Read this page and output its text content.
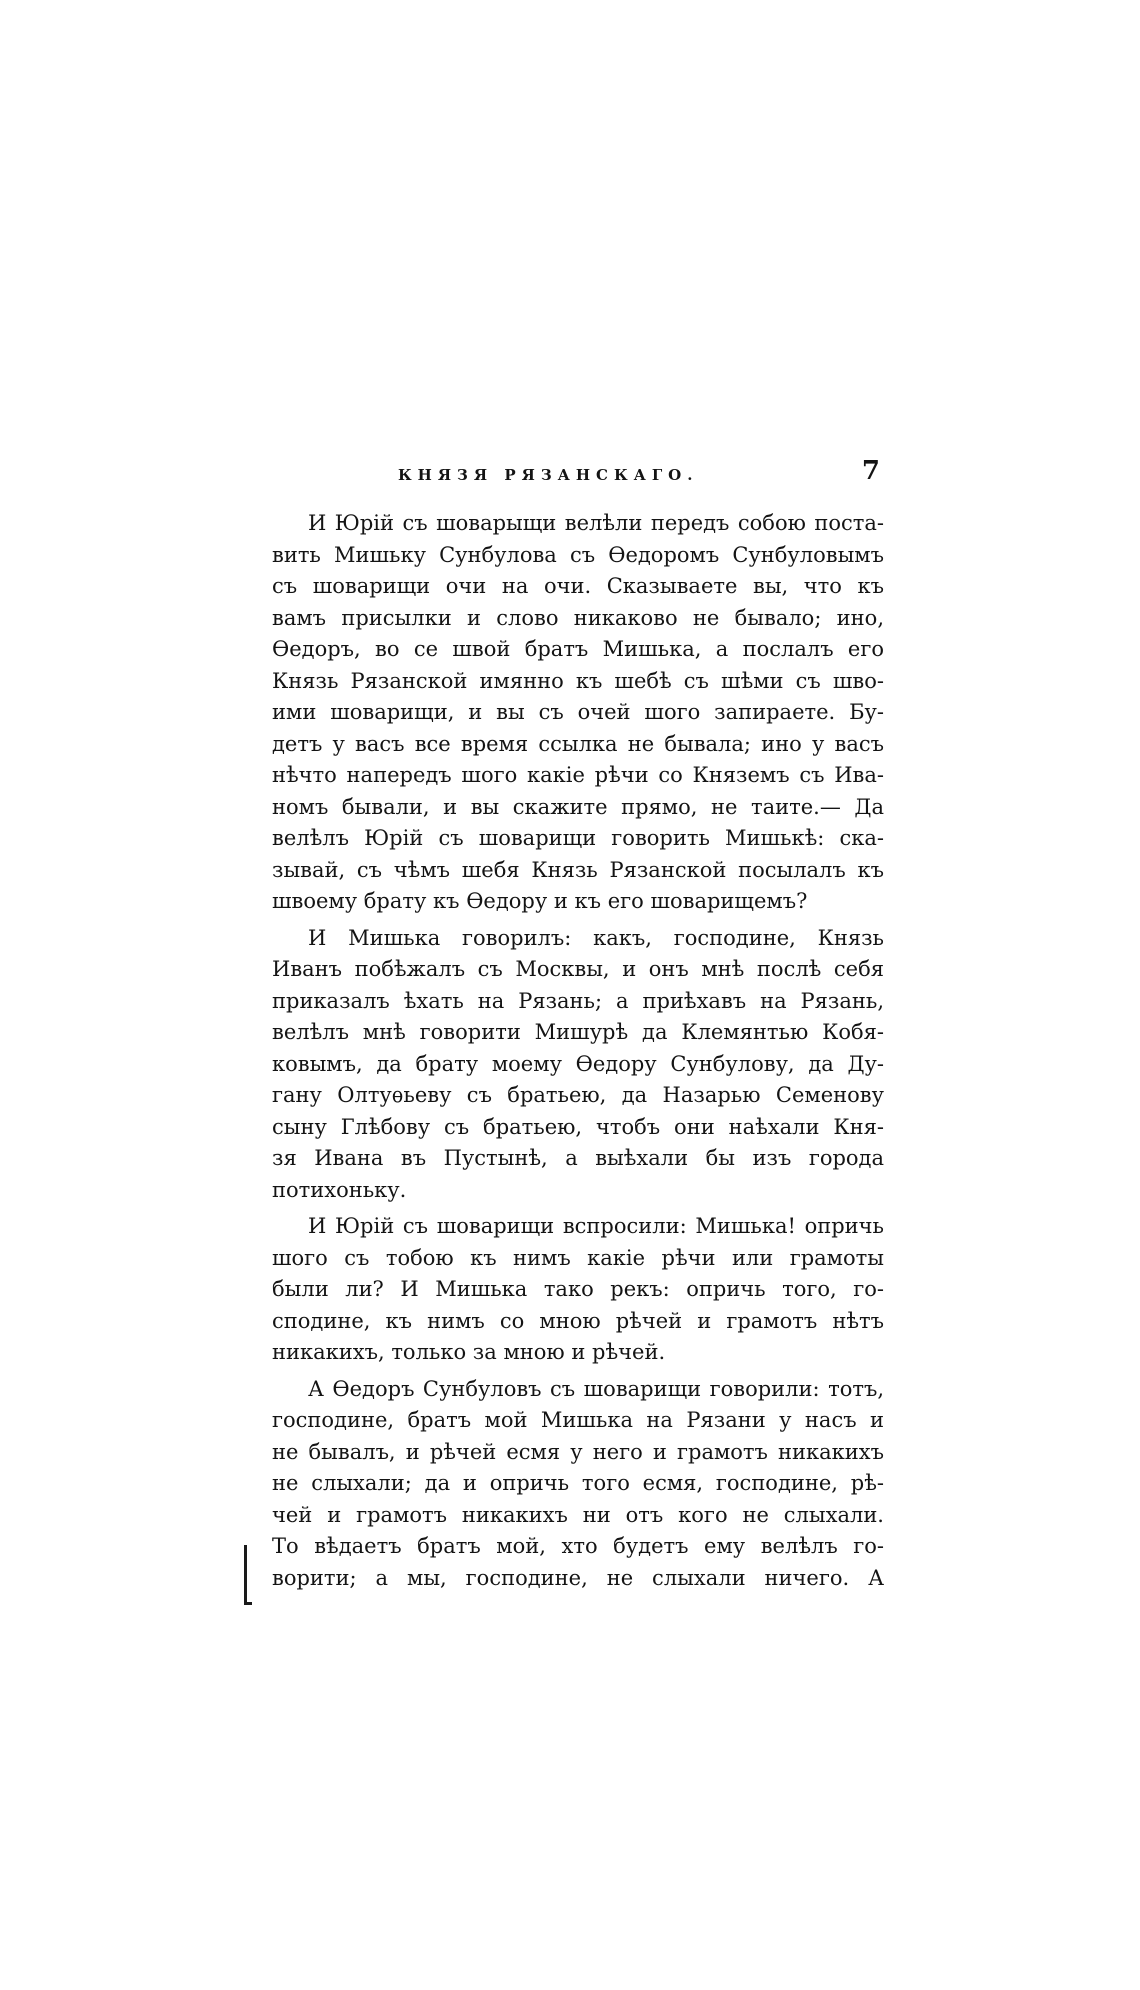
КНЯЗЯ РЯЗАНСКАГО.	7
И Юрій съ шоварыщи велѣли передъ собою поста-
вить Мишьку Сунбулова съ Ѳедоромъ Сунбуловымъ
съ шоварищи очи на очи. Сказываете вы, что къ
вамъ присылки и слово никаково не бывало; ино,
Ѳедоръ, во се швой братъ Мишька, а послалъ его
Князь Рязанской имянно къ шебѣ съ шѣми съ шво-
ими шоварищи, и вы съ очей шого запираете. Бу-
детъ у васъ все время ссылка не бывала; ино у васъ
нѣчто напередъ шого какіе рѣчи со Княземъ съ Ива-
номъ бывали, и вы скажите прямо, не таите.— Да
велѣлъ Юрій съ шоварищи говорить Мишькѣ: ска-
зывай, съ чѣмъ шебя Князь Рязанской посылалъ къ
швоему брату къ Ѳедору и къ его шоварищемъ?
И Мишька говорилъ: какъ, господине, Князь
Иванъ побѣжалъ съ Москвы, и онъ мнѣ послѣ себя
приказалъ ѣхать на Рязань; а приѣхавъ на Рязань,
велѣлъ мнѣ говорити Мишурѣ да Клемянтью Кобя-
ковымъ, да брату моему Ѳедору Сунбулову, да Ду-
гану Олтуѳьеву съ братьею, да Назарью Семенову
сыну Глѣбову съ братьею, чтобъ они наѣхали Кня-
зя Ивана въ Пустынѣ, а выѣхали бы изъ города
потихоньку.
И Юрій съ шоварищи вспросили: Мишька! опричь
шого съ тобою къ нимъ какіе рѣчи или грамоты
были ли? И Мишька тако рекъ: опричь того, го-
сподине, къ нимъ со мною рѣчей и грамотъ нѣтъ
никакихъ, только за мною и рѣчей.
А Ѳедоръ Сунбуловъ съ шоварищи говорили: тотъ,
господине, братъ мой Мишька на Рязани у насъ и
не бывалъ, и рѣчей есмя у него и грамотъ никакихъ
не слыхали; да и опричь того есмя, господине, рѣ-
чей и грамотъ никакихъ ни отъ кого не слыхали.
То вѣдаетъ братъ мой, хто будетъ ему велѣлъ го-
ворити; а мы, господине, не слыхали ничего. А
